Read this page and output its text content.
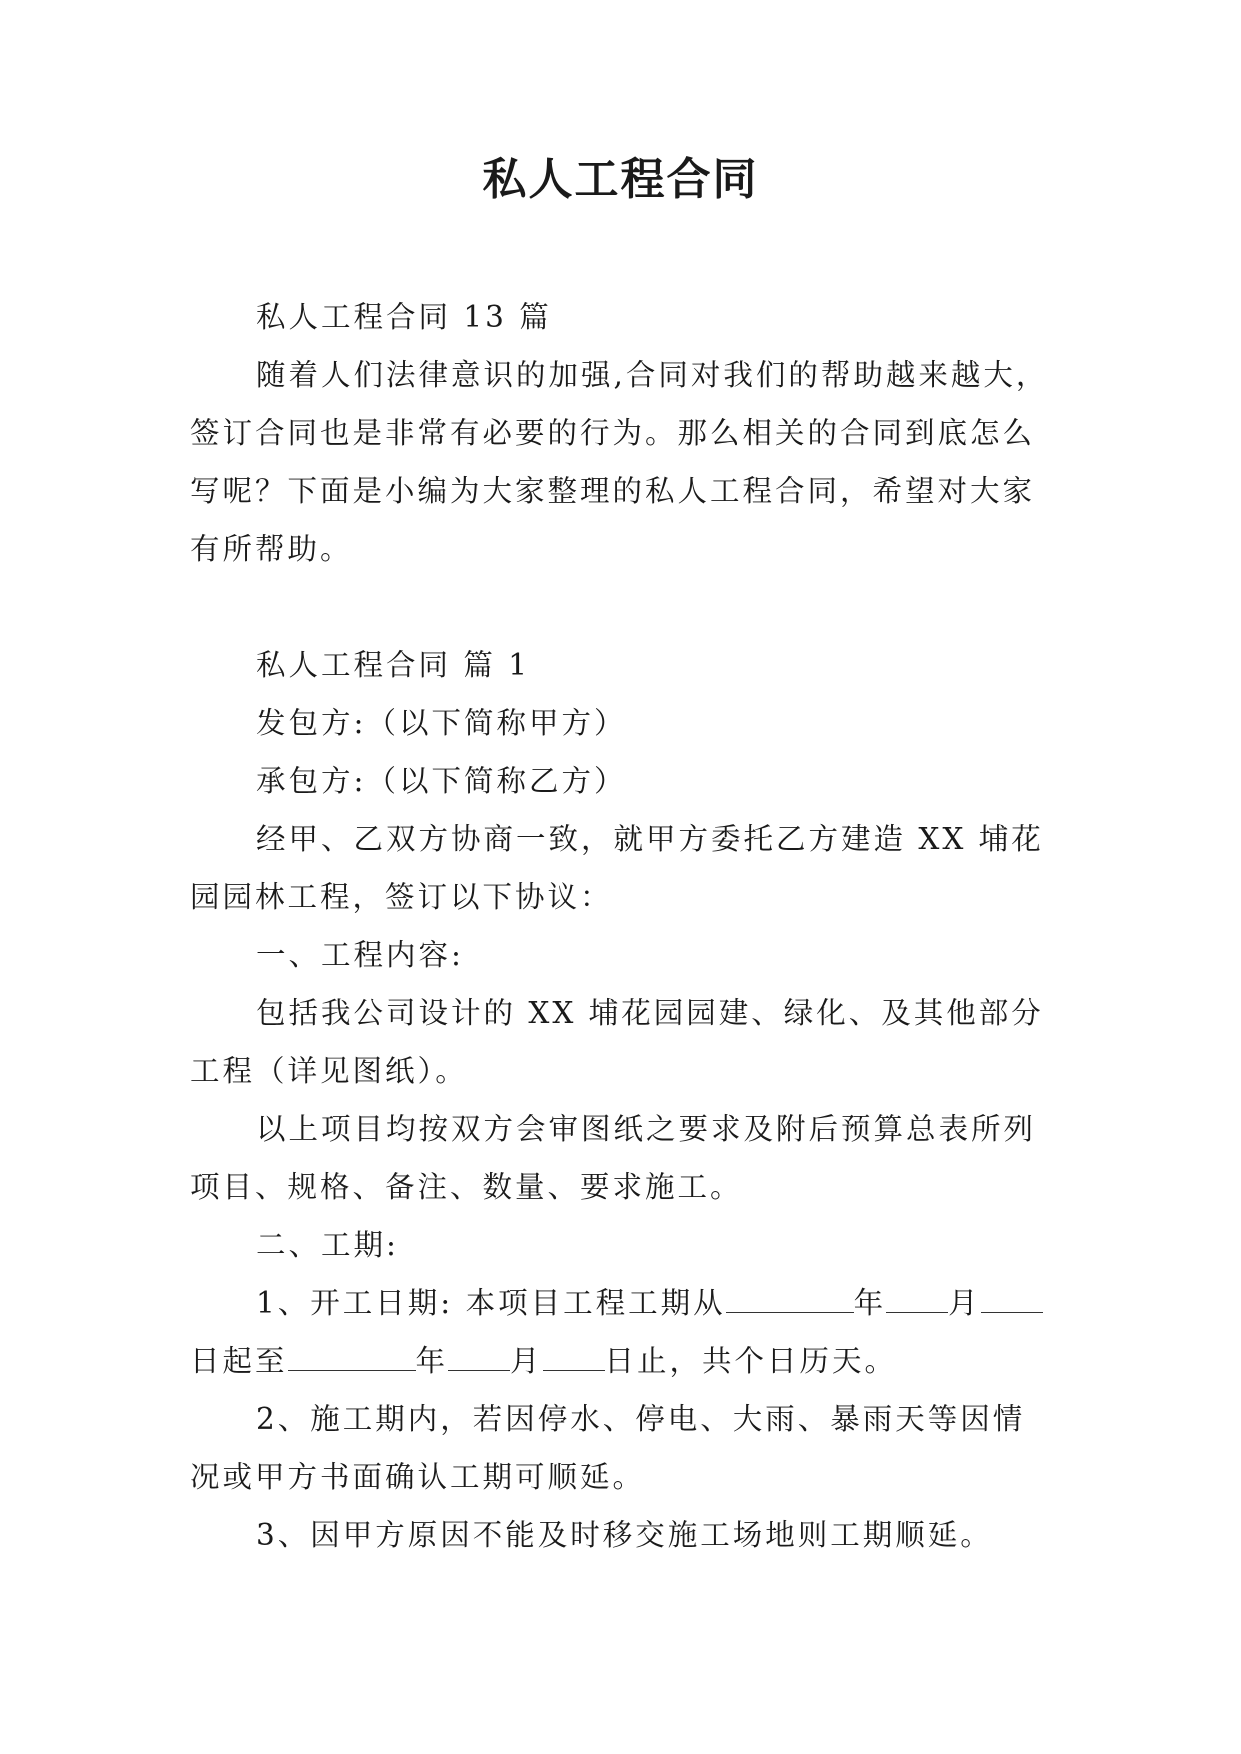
私人工程合同

私人工程合同 13 篇

随着人们法律意识的加强,合同对我们的帮助越来越大，签订合同也是非常有必要的行为。那么相关的合同到底怎么写呢？下面是小编为大家整理的私人工程合同，希望对大家有所帮助。

私人工程合同 篇 1

发包方:（以下简称甲方）

承包方:（以下简称乙方）

经甲、乙双方协商一致，就甲方委托乙方建造 XX 埔花园园林工程，签订以下协议：

一、工程内容:

包括我公司设计的 XX 埔花园园建、绿化、及其他部分工程（详见图纸）。

以上项目均按双方会审图纸之要求及附后预算总表所列项目、规格、备注、数量、要求施工。

二、工期:

1、开工日期: 本项目工程工期从	年 月日起至	年 月 日止，共个日历天。

2、施工期内，若因停水、停电、大雨、暴雨天等因情况或甲方书面确认工期可顺延。

3、因甲方原因不能及时移交施工场地则工期顺延。
